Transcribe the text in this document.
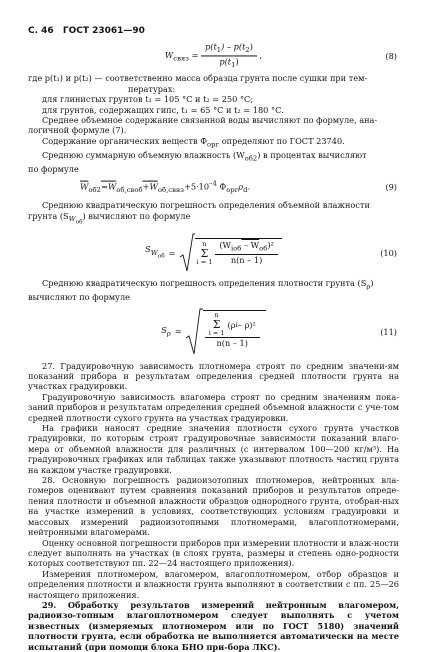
С. 46 ГОСТ 23061—90
$W_{связ} = \frac{p(t_1) - p(t_2)}{p(t_1)}$ ,	(8)

где p(t₁) и p(t₂) — соответственно масса образца грунта после сушки при тем-

пературах:

для глинистых грунтов t₁ = 105 °С и t₂ = 250 °С;

для грунтов, содержащих гипс, t₁ = 65 °С и t₂ = 180 °С.

Среднее объемное содержание связанной воды вычисляют по формуле, ана-

логичной формуле (7).

Содержание органических веществ $Ф_{орг}$ определяют по ГОСТ 23740.

Среднюю суммарную объемную влажность $(W_{об2})$ в процентах вычисляют

по формуле

$\overline{W}_{об2}=W_{об,своб}+W_{об,связ}+5\cdot 10^{-4}$ $Ф_{орг}\rho_d$.	(9)

Среднюю квадратическую погрешность определения объемной влажности

грунта $(S_{W_{об}})$ вычисляют по формуле

$S_{W_{об}}$ =
n
Σ
$i = 1 \frac{(W_{iоб} - W_{об})^2}{n(n - 1)}$	(10)

Среднюю квадратическую погрешность определения плотности грунта $(S_\rho)$

вычисляют по формуле

$S_\rho$ =
n
Σ
i = 1
(ρ i – ρ)²
n(n – 1)
(11)

27. Градуировочную зависимость плотномера строят по средним значени-ям показаний прибора и результатам определения средней плотности грунта на участках градуировки.

Градуировочную зависимость влагомера строят по средним значениям пока-заний приборов и результатам определения средней объемной влажности с уче-том средней плотности сухого грунта на участках градуировки.

На графики наносят средние значения плотности сухого грунта участков градуировки, по которым строят градуировочные зависимости показаний влаго-мера от объемной влажности для различных (с интервалом 100—200 кг/м³). На градуировочных графиках или таблицах также указывают плотность частиц грунта на каждом участке градуировки.

28. Основную погрешность радиоизотопных плотномеров, нейтронных вла-гомеров оценивают путем сравнения показаний приборов и результатов опреде-ления плотности и объемной влажности образцов однородного грунта, отобран-ных на участке измерений в условиях, соответствующих условиям градуировки и массовых измерений радиоизотопными плотномерами, влагоплотномерами, нейтронными влагомерами.

Оценку основной погрешности приборов при измерении плотности и влаж-ности следует выполнять на участках (в слоях грунта, размеры и степень одно-родности которых соответствуют пп. 22—24 настоящего приложения).

Измерения плотномером, влагомером, влагоплотномером, отбор образцов и определения плотности и влажности грунта выполняют в соответствии с пп. 25—26 настоящего приложения.

29. Обработку результатов измерений нейтронным влагомером, радиоизо-топным влагоплотномером следует выполнять с учетом известных (измеряемых плотномером или по ГОСТ 5180) значений плотности грунта, если обработка не выполняется автоматически на месте испытаний (при помощи блока БНО при-бора ЛКС).
